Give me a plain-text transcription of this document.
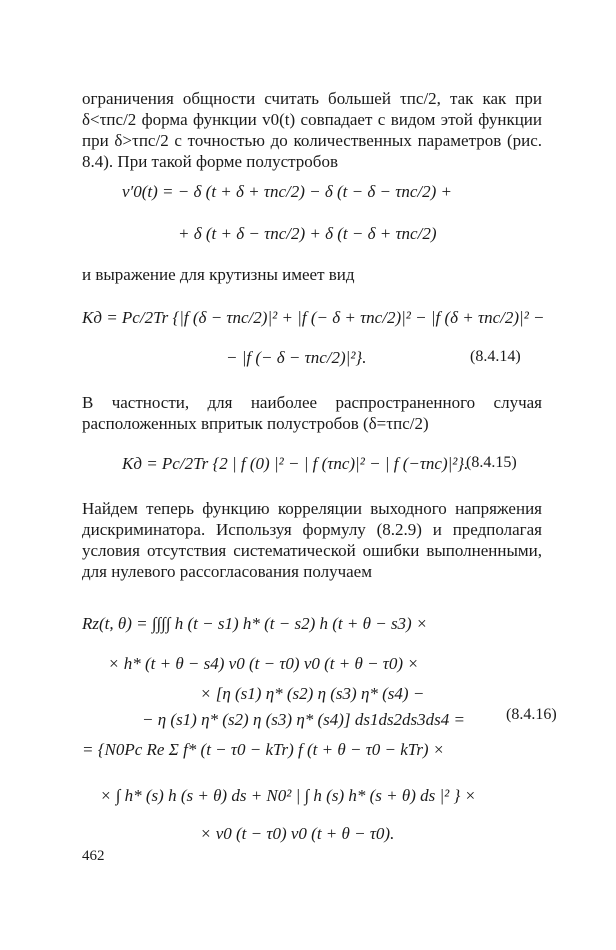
ограничения общности считать большей τпс/2, так как при δ<τпс/2 форма функции v0(t) совпадает с видом этой функции при δ>τпс/2 с точностью до количественных параметров (рис. 8.4). При такой форме полустробов

v′0(t) = − δ (t + δ + τпс/2) − δ (t − δ − τпс/2) +
+ δ (t + δ − τпс/2) + δ (t − δ + τпс/2)

и выражение для крутизны имеет вид

Kд = Pс/2Tr {|f (δ − τпс/2)|² + |f (− δ + τпс/2)|² − |f (δ + τпс/2)|² −
− |f (− δ − τпс/2)|²}.	(8.4.14)

В частности, для наиболее распространенного случая расположенных впритык полустробов (δ=τпс/2)

Kд = Pс/2Tr {2 | f (0) |² − | f (τпс)|² − | f (−τпс)|²}.
(8.4.15)

Найдем теперь функцию корреляции выходного напряжения дискриминатора. Используя формулу (8.2.9) и предполагая условия отсутствия систематической ошибки выполненными, для нулевого рассогласования получаем

Rz(t, θ) = ∫∫∫∫ h (t − s1) h* (t − s2) h (t + θ − s3) ×
× h* (t + θ − s4) v0 (t − τ0) v0 (t + θ − τ0) ×
× [η (s1) η* (s2) η (s3) η* (s4) −
− η (s1) η* (s2) η (s3) η* (s4)] ds1ds2ds3ds4 =	(8.4.16)
= {N0Pс Re Σ f* (t − τ0 − kTr) f (t + θ − τ0 − kTr) ×
× ∫ h* (s) h (s + θ) ds + N0² | ∫ h (s) h* (s + θ) ds |² } ×
× v0 (t − τ0) v0 (t + θ − τ0).
462
